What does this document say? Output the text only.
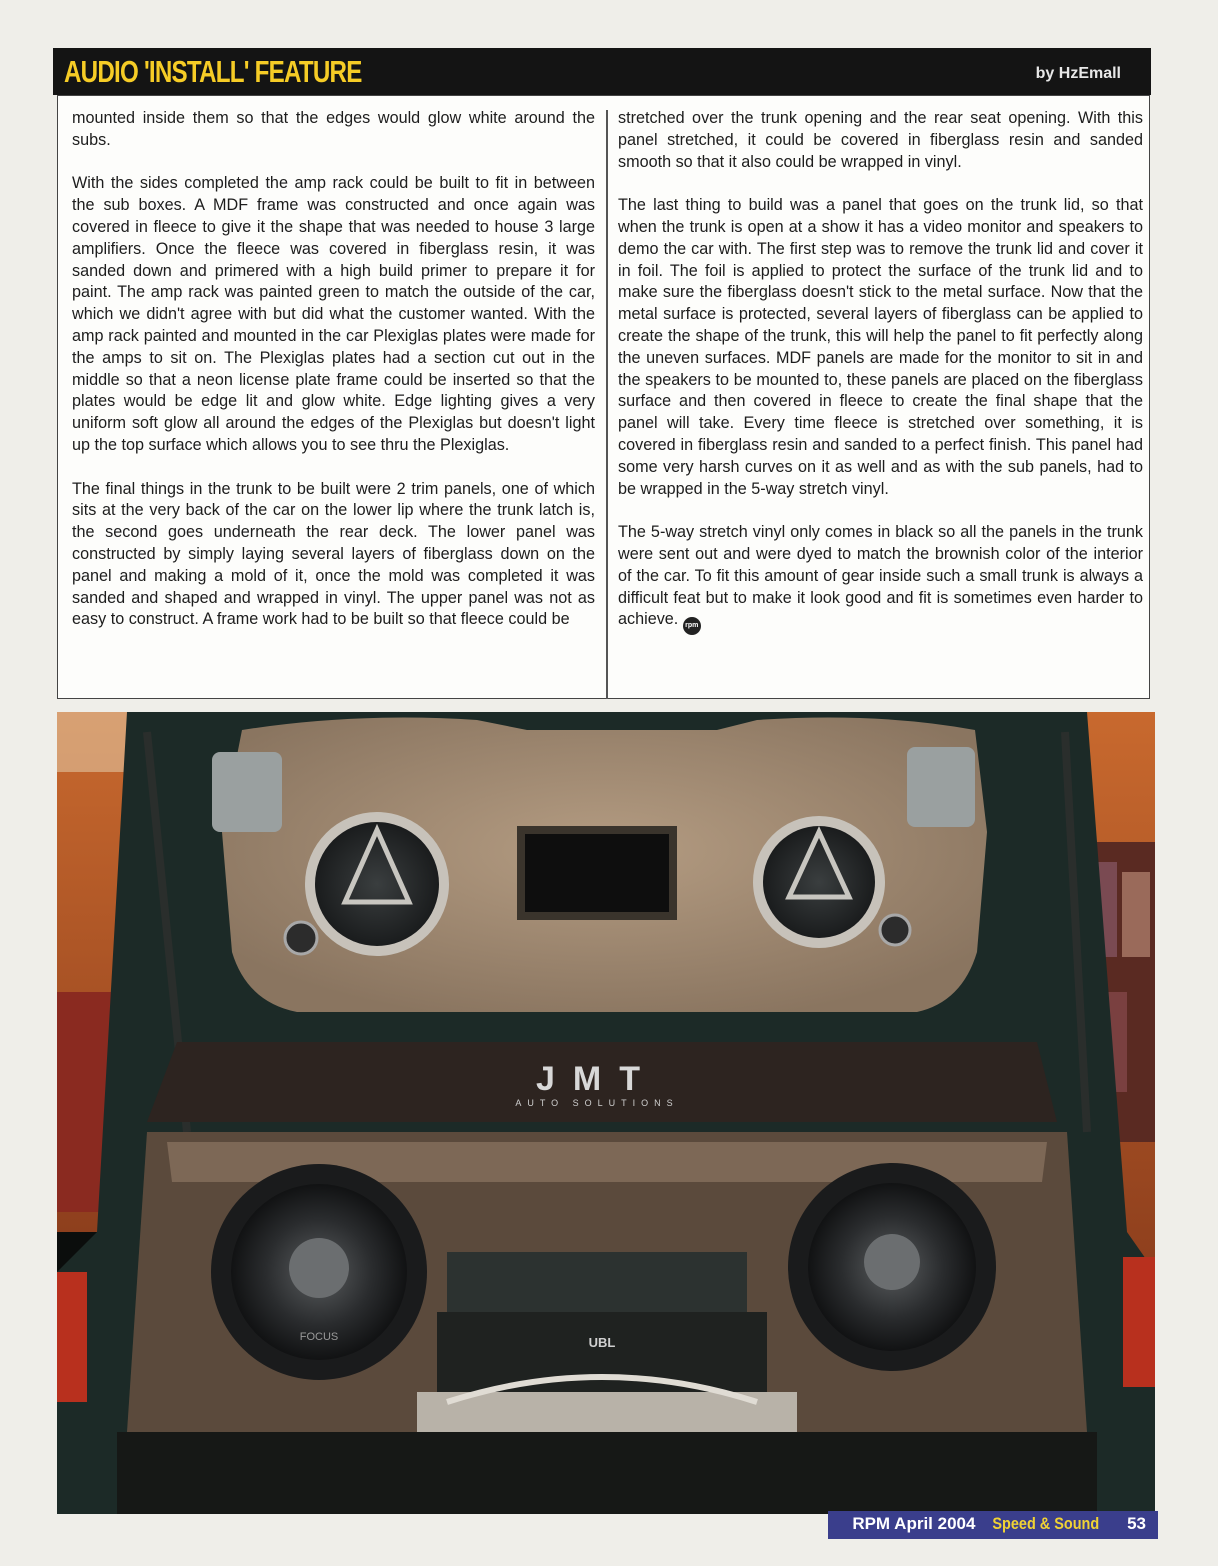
AUDIO 'INSTALL' FEATURE	by HzEmall

mounted inside them so that the edges would glow white around the subs.

With the sides completed the amp rack could be built to fit in between the sub boxes. A MDF frame was constructed and once again was covered in fleece to give it the shape that was needed to house 3 large amplifiers. Once the fleece was covered in fiberglass resin, it was sanded down and primered with a high build primer to prepare it for paint. The amp rack was painted green to match the outside of the car, which we didn't agree with but did what the customer wanted. With the amp rack painted and mounted in the car Plexiglas plates were made for the amps to sit on. The Plexiglas plates had a section cut out in the middle so that a neon license plate frame could be inserted so that the plates would be edge lit and glow white. Edge lighting gives a very uniform soft glow all around the edges of the Plexiglas but doesn't light up the top surface which allows you to see thru the Plexiglas.

The final things in the trunk to be built were 2 trim panels, one of which sits at the very back of the car on the lower lip where the trunk latch is, the second goes underneath the rear deck. The lower panel was constructed by simply laying several layers of fiberglass down on the panel and making a mold of it, once the mold was completed it was sanded and shaped and wrapped in vinyl. The upper panel was not as easy to construct. A frame work had to be built so that fleece could be

stretched over the trunk opening and the rear seat opening. With this panel stretched, it could be covered in fiberglass resin and sanded smooth so that it also could be wrapped in vinyl.

The last thing to build was a panel that goes on the trunk lid, so that when the trunk is open at a show it has a video monitor and speakers to demo the car with. The first step was to remove the trunk lid and cover it in foil. The foil is applied to protect the surface of the trunk lid and to make sure the fiberglass doesn't stick to the metal surface. Now that the metal surface is protected, several layers of fiberglass can be applied to create the shape of the trunk, this will help the panel to fit perfectly along the uneven surfaces. MDF panels are made for the monitor to sit in and the speakers to be mounted to, these panels are placed on the fiberglass surface and then covered in fleece to create the final shape that the panel will take. Every time fleece is stretched over something, it is covered in fiberglass resin and sanded to a perfect finish. This panel had some very harsh curves on it as well and as with the sub panels, had to be wrapped in the 5-way stretch vinyl.

The 5-way stretch vinyl only comes in black so all the panels in the trunk were sent out and were dyed to match the brownish color of the interior of the car. To fit this amount of gear inside such a small trunk is always a difficult feat but to make it look good and fit is sometimes even harder to achieve. rpm

JMT
AUTO SOLUTIONS
FOCUS	UBL
RPM April 2004 Speed & Sound 53
